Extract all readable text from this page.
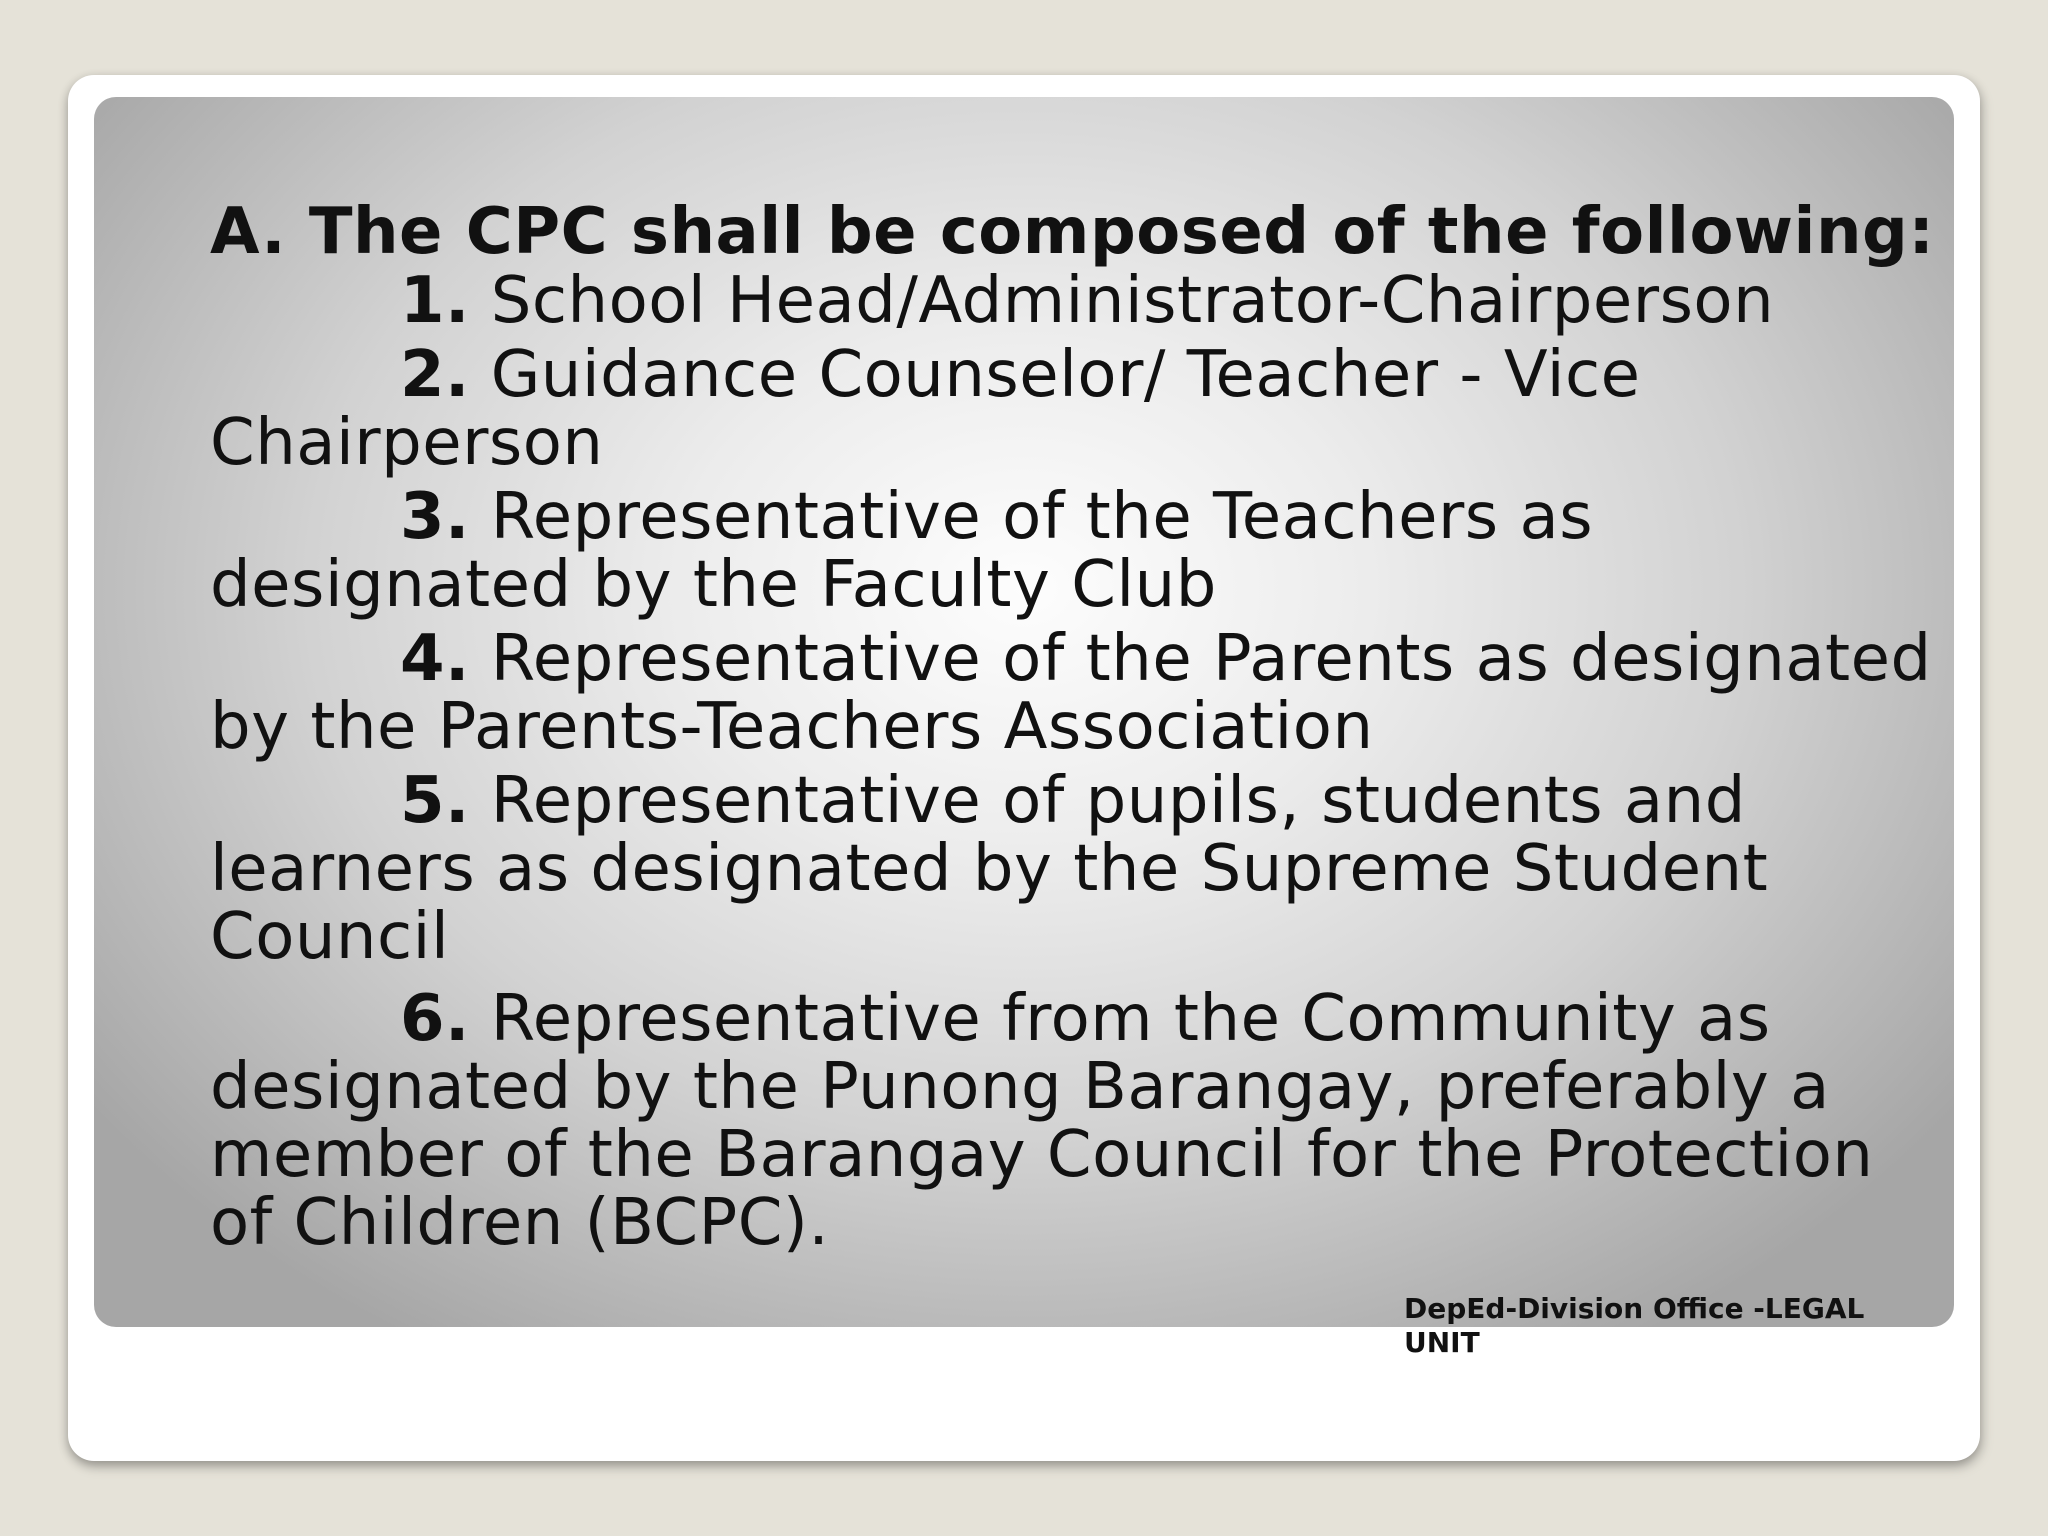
A. The CPC shall be composed of the following:

1. School Head/Administrator-Chairperson
2. Guidance Counselor/ Teacher - Vice Chairperson
3. Representative of the Teachers as designated by the Faculty Club
4. Representative of the Parents as designated by the Parents-Teachers Association
5. Representative of pupils, students and learners as designated by the Supreme Student Council
6. Representative from the Community as designated by the Punong Barangay, preferably a member of the Barangay Council for the Protection of Children (BCPC).
DepEd-Division Office -LEGAL UNIT
